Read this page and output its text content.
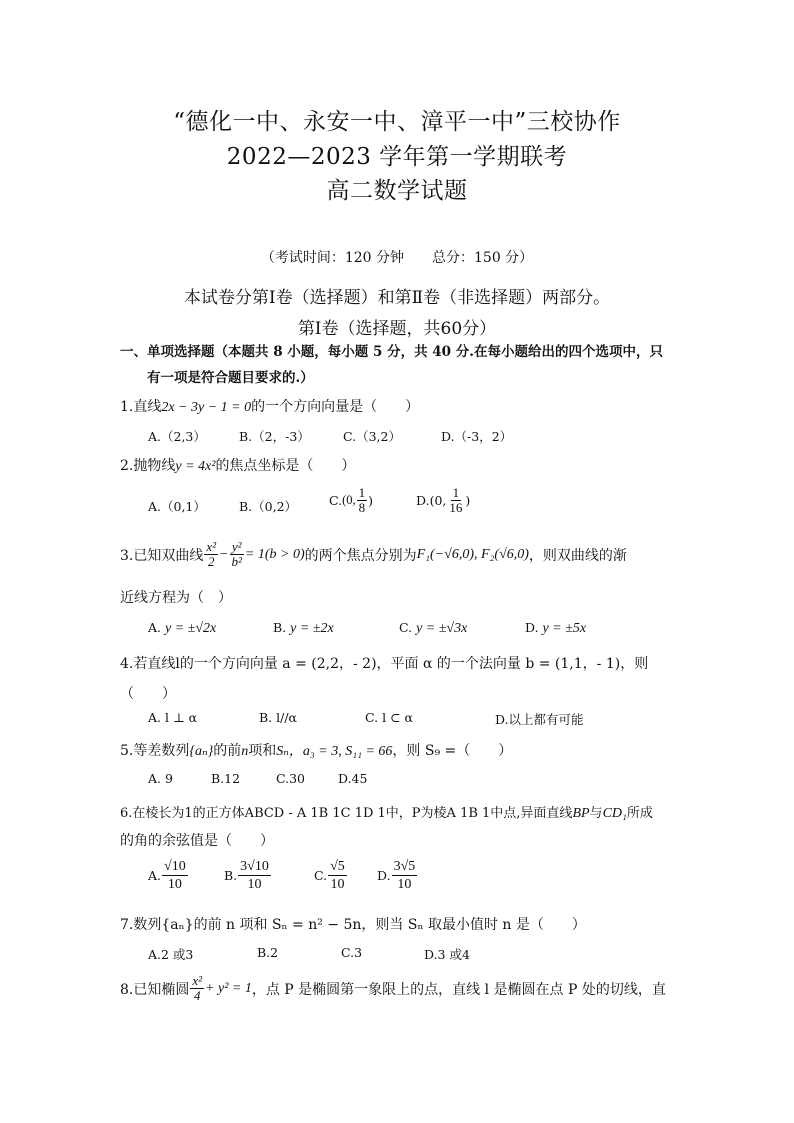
“德化一中、永安一中、漳平一中”三校协作
2022—2023 学年第一学期联考
高二数学试题
（考试时间：120 分钟　　总分：150 分）
本试卷分第Ⅰ卷（选择题）和第Ⅱ卷（非选择题）两部分。
第Ⅰ卷（选择题，共60分）
一、单项选择题（本题共 8 小题，每小题 5 分，共 40 分.在每小题给出的四个选项中，只
有一项是符合题目要求的.）
1.直线2x − 3y − 1 = 0的一个方向向量是（　　）
A.（2,3）	B.（2，-3）	C.（3,2）	D.（-3，2）
2.抛物线y = 4x²的焦点坐标是（　　）
A.（0,1）	B.（0,2）	C. (0, $\frac{1}{8}$ )	D. (0, $\frac{1}{16}$ )
3.已知双曲线 $\frac{\text{x²}}{2} - \frac{\text{y²}}{\text{b²}} = 1(b > 0)$ 的两个焦点分别为 F₁(−√6,0), F₂(√6,0) ，则双曲线的渐
近线方程为（　）
A. y = ±√2x	B. y = ±2x	C. y = ±√3x	D. y = ±5x
4.若直线l的一个方向向量 a = (2,2，- 2)，平面 α 的一个法向量 b = (1,1，- 1)，则
（　　）
A. l ⊥ α	B. l//α	C. l ⊂ α	D.以上都有可能
5.等差数列{aₙ}的前n项和Sₙ，a₃ = 3, S₁₁ = 66，则 S₉ =（　　）
A. 9	B.12	C.30	D.45
6.在棱长为1的正方体ABCD - A 1B 1C 1D 1中，P为棱A 1B 1中点,异面直线BP与CD₁所成
的角的余弦值是（　　）
A. $\frac{√10}{10}$	B. $\frac{3√10}{10}$	C. $\frac{√5}{10} D$. $\frac{3√5}{10}$
7.数列{aₙ}的前 n 项和 Sₙ = n² − 5n，则当 Sₙ 取最小值时 n 是（　　）
A.2 或3	B.2	C.3	D.3 或4
8.已知椭圆 $\frac{\text{x²}}{4} + y^2 = 1$ ，点 P 是椭圆第一象限上的点，直线 l 是椭圆在点 P 处的切线，直
